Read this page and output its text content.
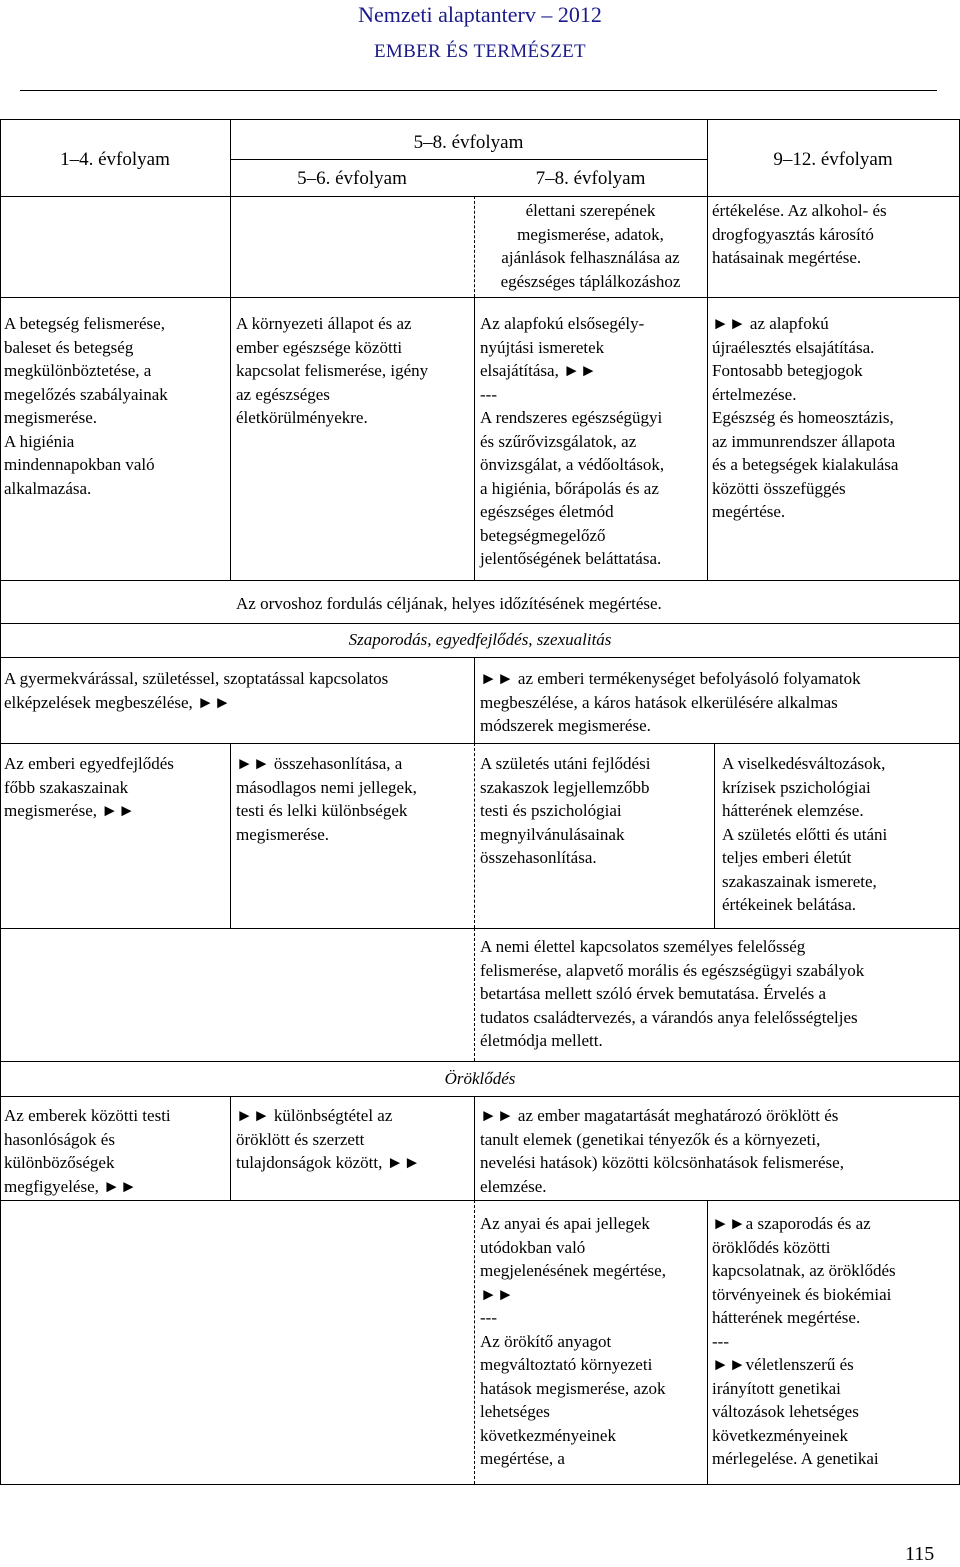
Nemzeti alaptanterv – 2012
EMBER ÉS TERMÉSZET
1–4. évfolyam
5–8. évfolyam
5–6. évfolyam	7–8. évfolyam
9–12. évfolyam
élettani szerepének
megismerése, adatok,
ajánlások felhasználása az
egészséges táplálkozáshoz
értékelése. Az alkohol- és
drogfogyasztás károsító
hatásainak megértése.
A betegség felismerése,
baleset és betegség
megkülönböztetése, a
megelőzés szabályainak
megismerése.
A higiénia
mindennapokban való
alkalmazása.
A környezeti állapot és az
ember egészsége közötti
kapcsolat felismerése, igény
az egészséges
életkörülményekre.
Az alapfokú elsősegély-
nyújtási ismeretek
elsajátítása, ►►
---
A rendszeres egészségügyi
és szűrővizsgálatok, az
önvizsgálat, a védőoltások,
a higiénia, bőrápolás és az
egészséges életmód
betegségmegelőző
jelentőségének beláttatása.
►► az alapfokú
újraélesztés elsajátítása.
Fontosabb betegjogok
értelmezése.
Egészség és homeosztázis,
az immunrendszer állapota
és a betegségek kialakulása
közötti összefüggés
megértése.
Az orvoshoz fordulás céljának, helyes időzítésének megértése.
Szaporodás, egyedfejlődés, szexualitás
A gyermekvárással, születéssel, szoptatással kapcsolatos
elképzelések megbeszélése, ►►
►► az emberi termékenységet befolyásoló folyamatok
megbeszélése, a káros hatások elkerülésére alkalmas
módszerek megismerése.
Az emberi egyedfejlődés
főbb szakaszainak
megismerése, ►►
►► összehasonlítása, a
másodlagos nemi jellegek,
testi és lelki különbségek
megismerése.
A születés utáni fejlődési
szakaszok legjellemzőbb
testi és pszichológiai
megnyilvánulásainak
összehasonlítása.
A viselkedésváltozások,
krízisek pszichológiai
hátterének elemzése.
A születés előtti és utáni
teljes emberi életút
szakaszainak ismerete,
értékeinek belátása.
A nemi élettel kapcsolatos személyes felelősség
felismerése, alapvető morális és egészségügyi szabályok
betartása mellett szóló érvek bemutatása. Érvelés a
tudatos családtervezés, a várandós anya felelősségteljes
életmódja mellett.
Öröklődés
Az emberek közötti testi
hasonlóságok és
különbözőségek
megfigyelése, ►►
►► különbségtétel az
öröklött és szerzett
tulajdonságok között, ►►
►► az ember magatartását meghatározó öröklött és
tanult elemek (genetikai tényezők és a környezeti,
nevelési hatások) közötti kölcsönhatások felismerése,
elemzése.
Az anyai és apai jellegek
utódokban való
megjelenésének megértése,
►►
---
Az örökítő anyagot
megváltoztató környezeti
hatások megismerése, azok
lehetséges
következményeinek
megértése, a
►►a szaporodás és az
öröklődés közötti
kapcsolatnak, az öröklődés
törvényeinek és biokémiai
hátterének megértése.
---
►►véletlenszerű és
irányított genetikai
változások lehetséges
következményeinek
mérlegelése. A genetikai
115
